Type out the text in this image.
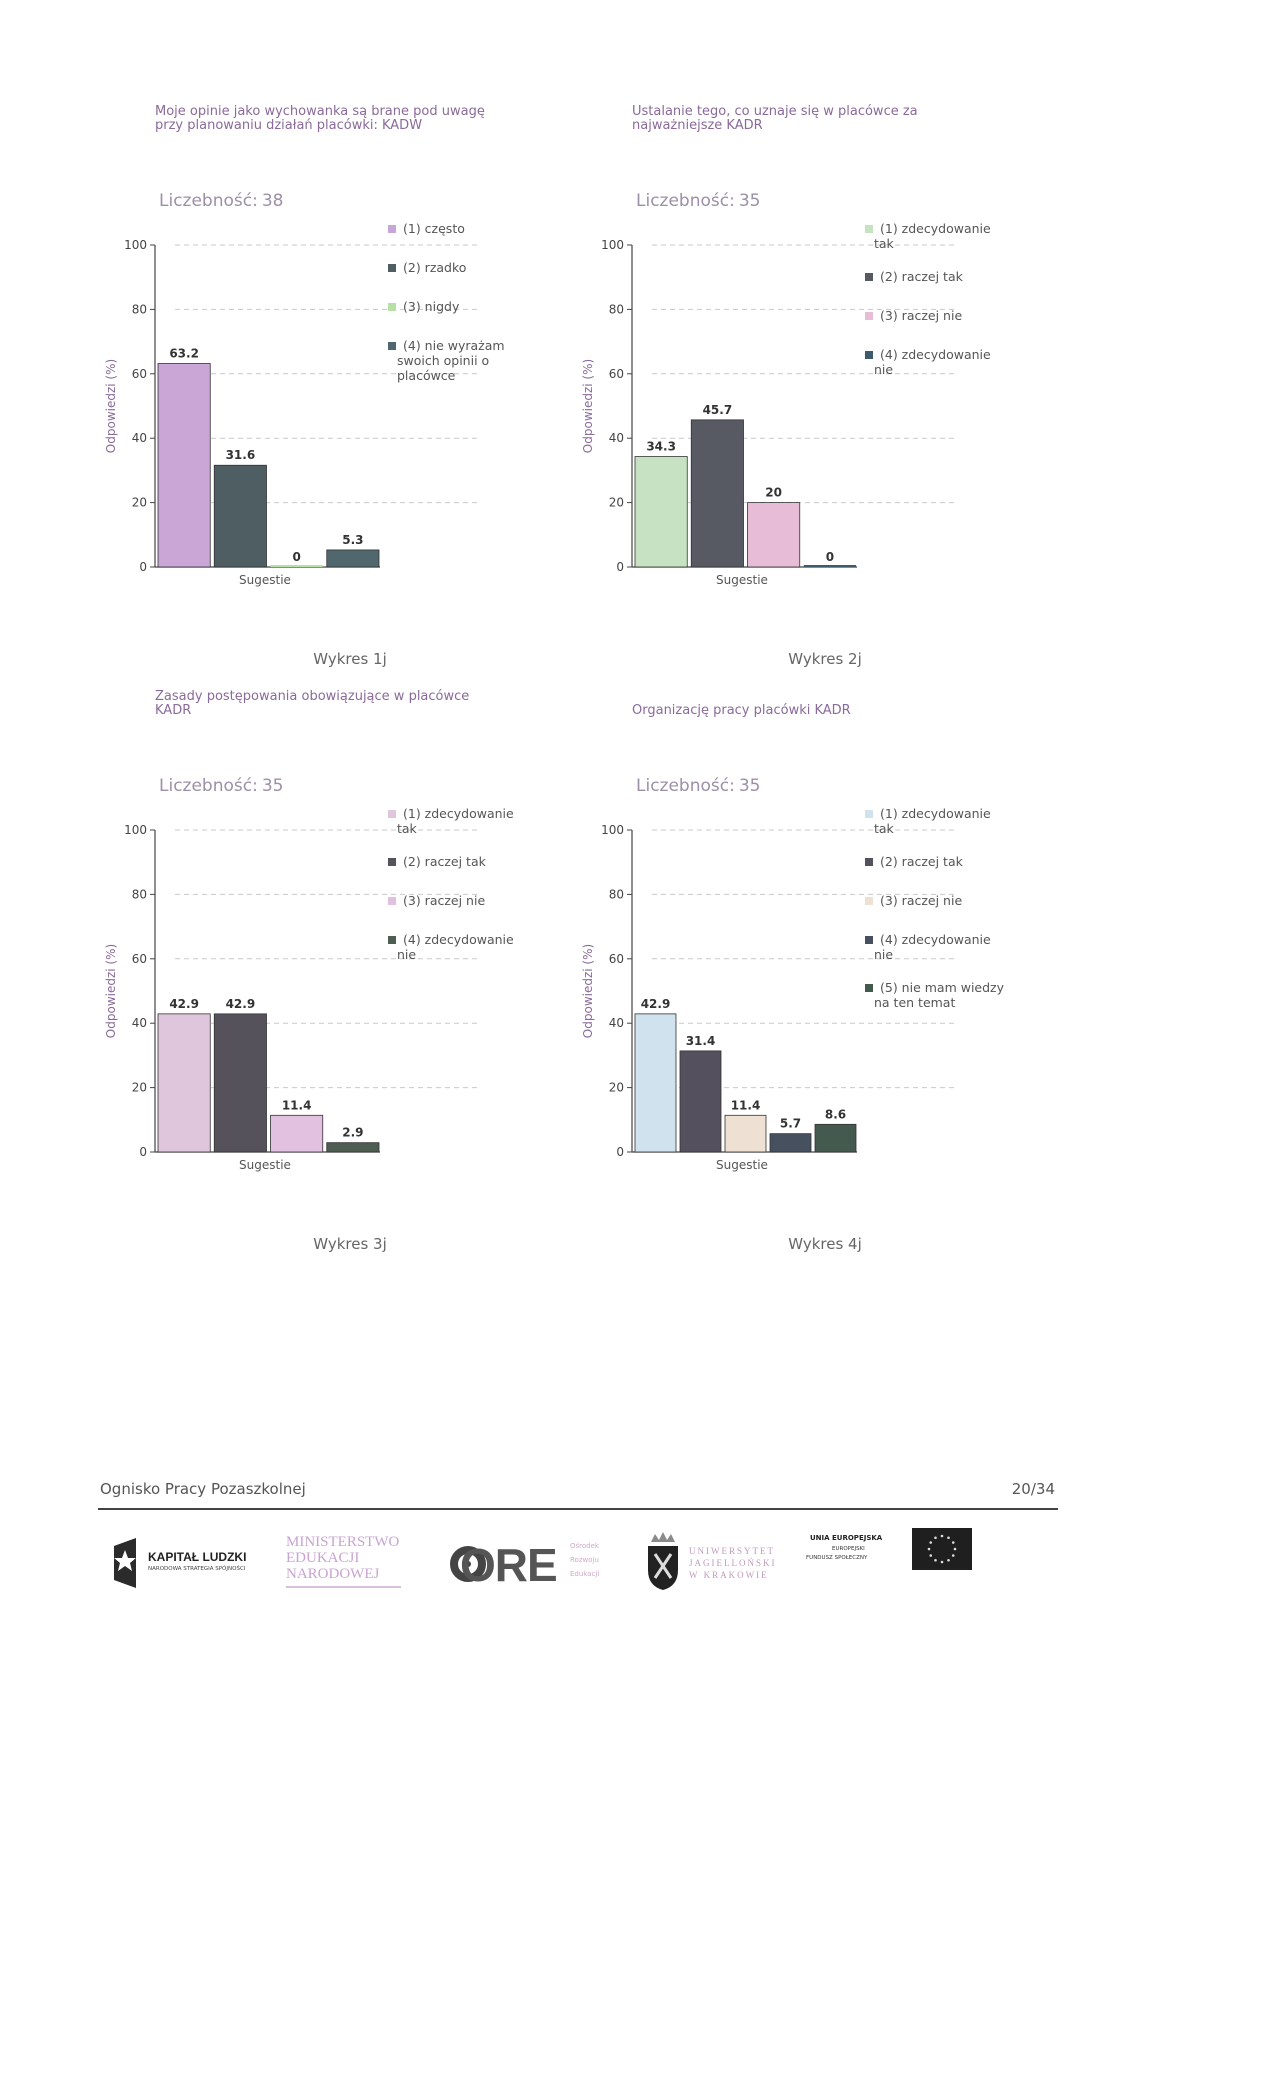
Moje opinie jako wychowanka są brane pod uwagę przy planowaniu działań placówki: KADW
Liczebność: 38
0
20
40
60
80
100
Odpowiedzi (%)
Sugestie
63.2
31.6
0
5.3
(1) często
(2) rzadko
(3) nigdy
(4) nie wyrażam swoich opinii o placówce
Wykres 1j
Ustalanie tego, co uznaje się w placówce za najważniejsze KADR
Liczebność: 35
0
20
40
60
80
100
Odpowiedzi (%)
Sugestie
34.3
45.7
20
0
(1) zdecydowanie tak
(2) raczej tak
(3) raczej nie
(4) zdecydowanie nie
Wykres 2j
Zasady postępowania obowiązujące w placówce KADR
Liczebność: 35
0
20
40
60
80
100
Odpowiedzi (%)
Sugestie
42.9 42.9
11.4
2.9
(1) zdecydowanie tak
(2) raczej tak
(3) raczej nie
(4) zdecydowanie nie
Wykres 3j
Organizację pracy placówki KADR
Liczebność: 35
0
20
40
60
80
100
Odpowiedzi (%)
Sugestie
42.9
31.4
11.4
5.7
8.6
(1) zdecydowanie tak
(2) raczej tak
(3) raczej nie
(4) zdecydowanie nie
(5) nie mam wiedzy na ten temat
Wykres 4j
Ognisko Pracy Pozaszkolnej	20/34
KAPITAŁ LUDZKI
NARODOWA STRATEGIA SPÓJNOŚCI
MINISTERSTWO
EDUKACJI
NARODOWEJ ORE Ośrodek
Rozwoju
Edukacji
UNIWERSYTET
JAGIELLOŃSKI
W KRAKOWIE
UNIA EUROPEJSKA
EUROPEJSKI
FUNDUSZ SPOŁECZNY
